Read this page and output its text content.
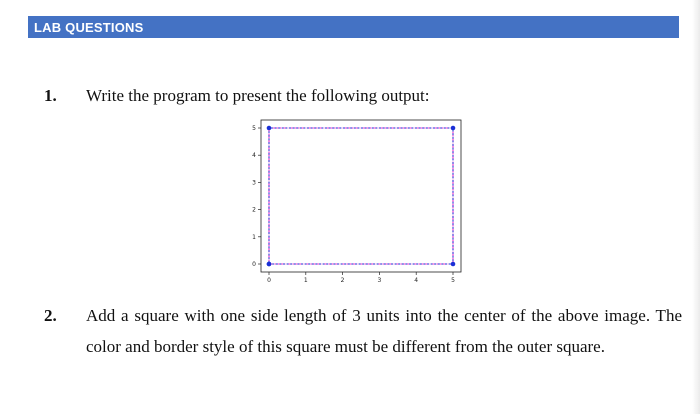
LAB QUESTIONS
1. Write the program to present the following output:
0
1
2
3
4
5
0	1	2	3	4	5
2. Add a square with one side length of 3 units into the center of the above image. The
color and border style of this square must be different from the outer square.
